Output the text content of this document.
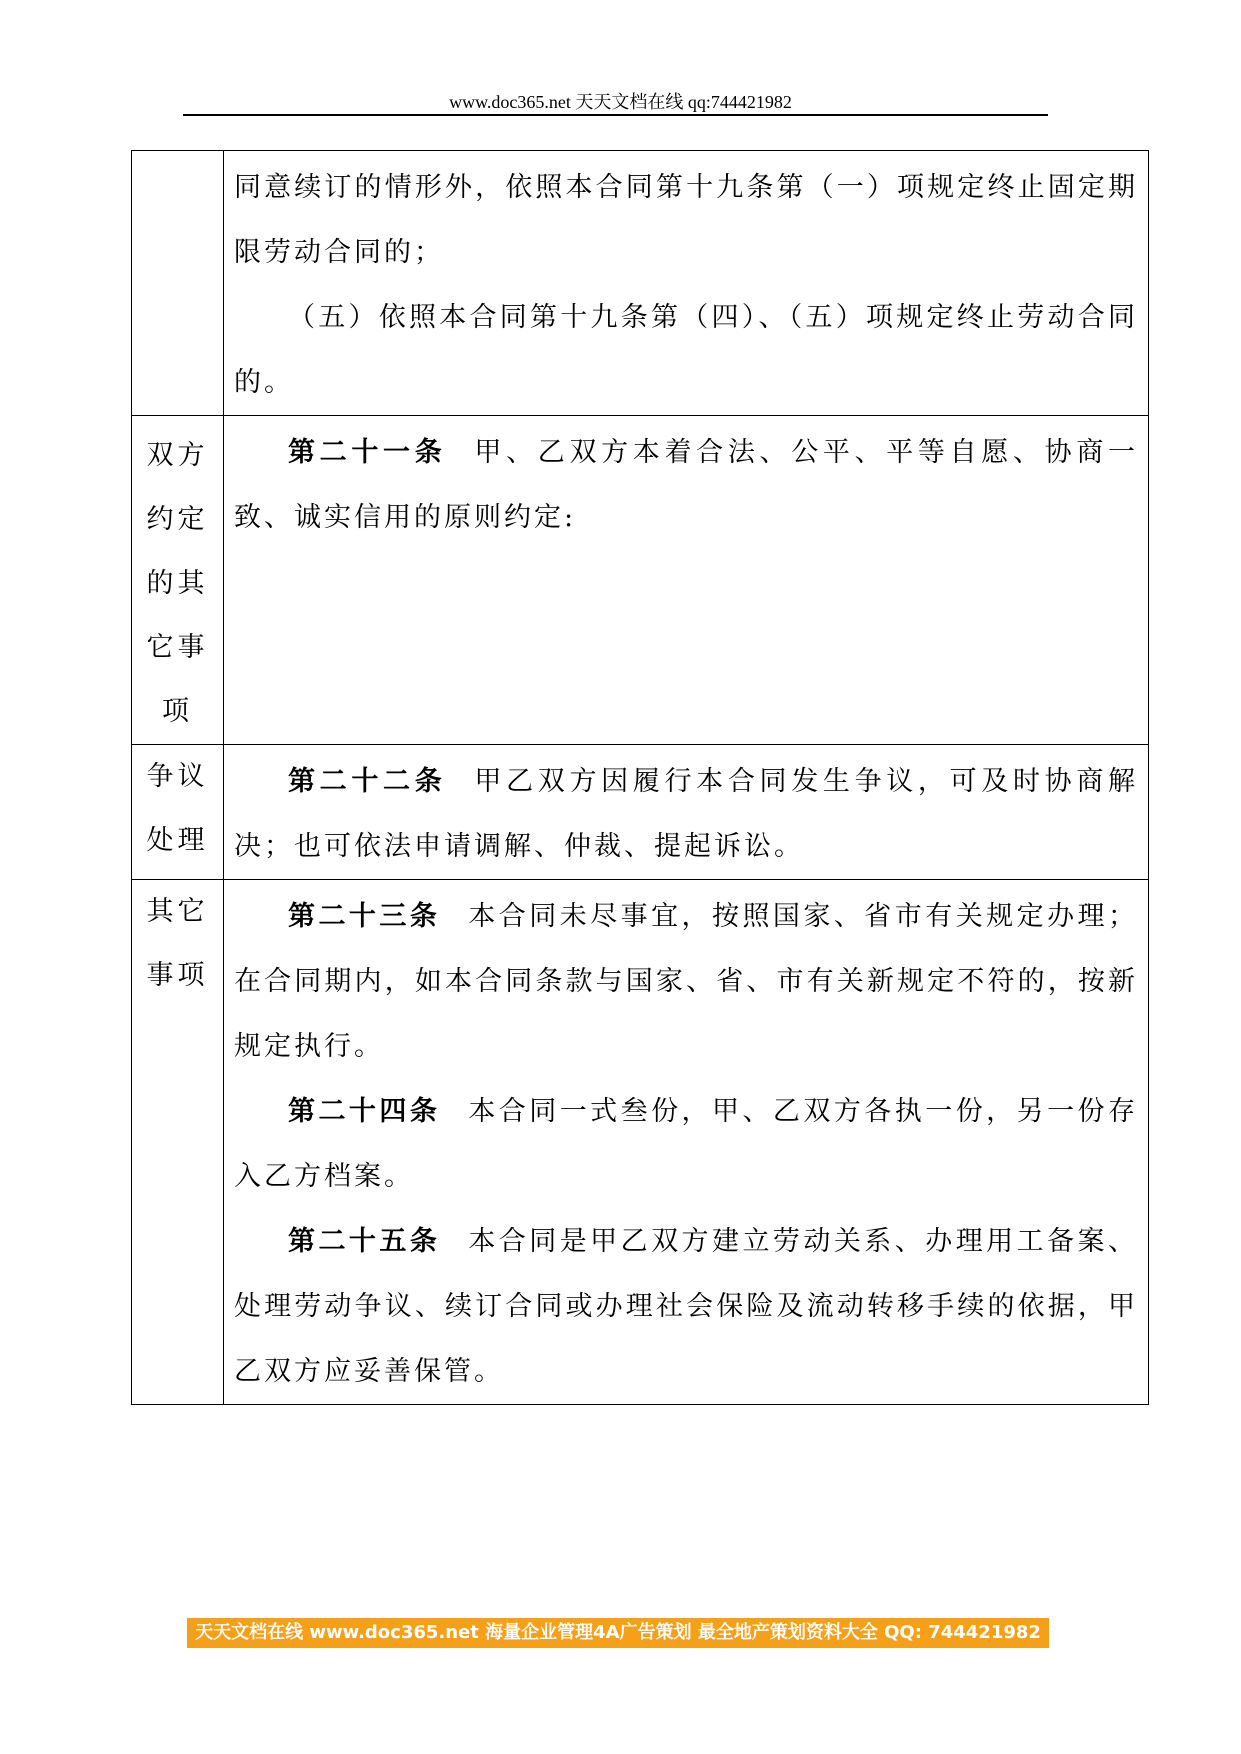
www.doc365.net 天天文档在线 qq:744421982

	同意续订的情形外，依照本合同第十九条第（一）项规定终止固定期限劳动合同的；

（五）依照本合同第十九条第（四）、（五）项规定终止劳动合同的。

双方约定的其它事项	第二十一条 甲、乙双方本着合法、公平、平等自愿、协商一致、诚实信用的原则约定:

争议处理	第二十二条 甲乙双方因履行本合同发生争议，可及时协商解决；也可依法申请调解、仲裁、提起诉讼。

其它事项	第二十三条 本合同未尽事宜，按照国家、省市有关规定办理；在合同期内，如本合同条款与国家、省、市有关新规定不符的，按新规定执行。

第二十四条 本合同一式叁份，甲、乙双方各执一份，另一份存入乙方档案。

第二十五条 本合同是甲乙双方建立劳动关系、办理用工备案、处理劳动争议、续订合同或办理社会保险及流动转移手续的依据，甲乙双方应妥善保管。

天天文档在线 www.doc365.net 海量企业管理4A广告策划 最全地产策划资料大全 QQ: 744421982
